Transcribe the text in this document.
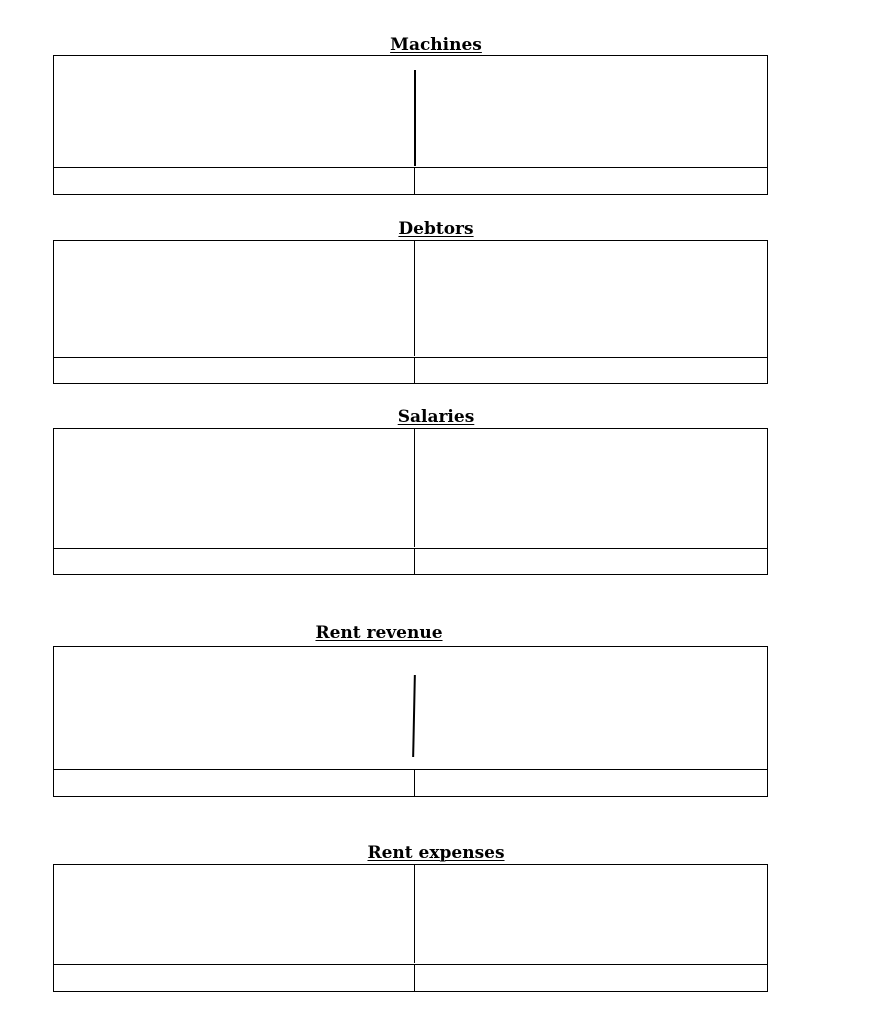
Machines
Debtors
Salaries
Rent revenue
Rent expenses
